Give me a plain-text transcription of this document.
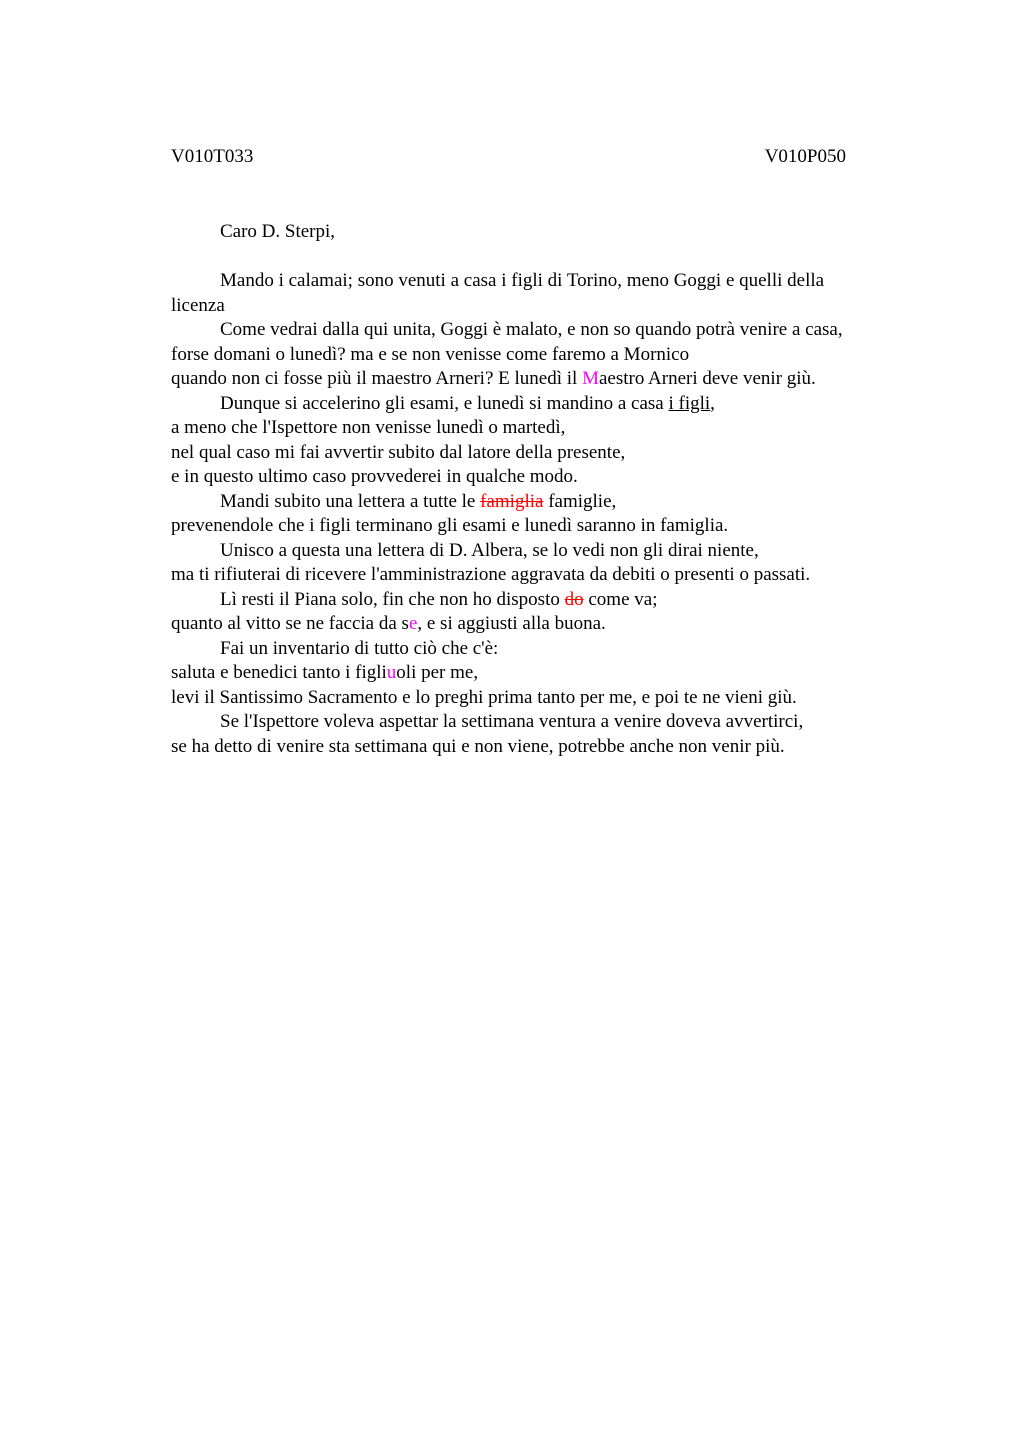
V010T033	V010P050
Caro D. Sterpi,
Mando i calamai; sono venuti a casa i figli di Torino, meno Goggi e quelli della
licenza
Come vedrai dalla qui unita, Goggi è malato, e non so quando potrà venire a casa,
forse domani o lunedì? ma e se non venisse come faremo a Mornico
quando non ci fosse più il maestro Arneri? E lunedì il Maestro Arneri deve venir giù.
Dunque si accelerino gli esami, e lunedì si mandino a casa i figli,
a meno che l'Ispettore non venisse lunedì o martedì,
nel qual caso mi fai avvertir subito dal latore della presente,
e in questo ultimo caso provvederei in qualche modo.
Mandi subito una lettera a tutte le famiglia famiglie,
prevenendole che i figli terminano gli esami e lunedì saranno in famiglia.
Unisco a questa una lettera di D. Albera, se lo vedi non gli dirai niente,
ma ti rifiuterai di ricevere l'amministrazione aggravata da debiti o presenti o passati.
Lì resti il Piana solo, fin che non ho disposto do come va;
quanto al vitto se ne faccia da se, e si aggiusti alla buona.
Fai un inventario di tutto ciò che c'è:
saluta e benedici tanto i figliuoli per me,
levi il Santissimo Sacramento e lo preghi prima tanto per me, e poi te ne vieni giù.
Se l'Ispettore voleva aspettar la settimana ventura a venire doveva avvertirci,
se ha detto di venire sta settimana qui e non viene, potrebbe anche non venir più.
